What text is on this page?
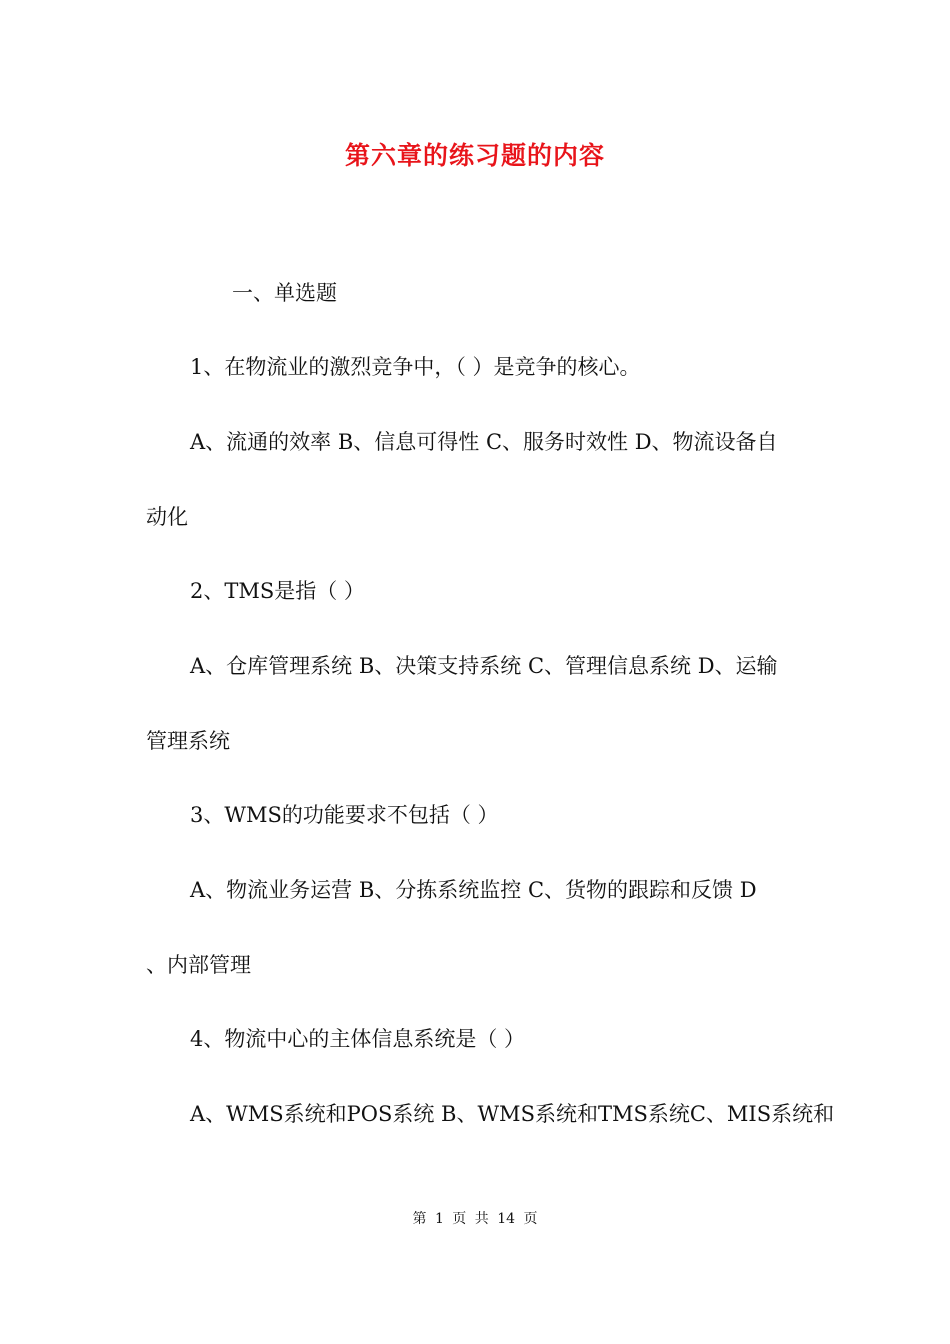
第六章的练习题的内容
一、单选题
1、在物流业的激烈竞争中，（ ）是竞争的核心。
A、流通的效率 B、信息可得性 C、服务时效性 D、物流设备自
动化
2、TMS是指（ ）
A、仓库管理系统 B、决策支持系统 C、管理信息系统 D、运输
管理系统
3、WMS的功能要求不包括（ ）
A、物流业务运营 B、分拣系统监控 C、货物的跟踪和反馈 D
、内部管理
4、物流中心的主体信息系统是（ ）
A、WMS系统和POS系统 B、WMS系统和TMS系统C、MIS系统和
第 1 页 共 14 页
